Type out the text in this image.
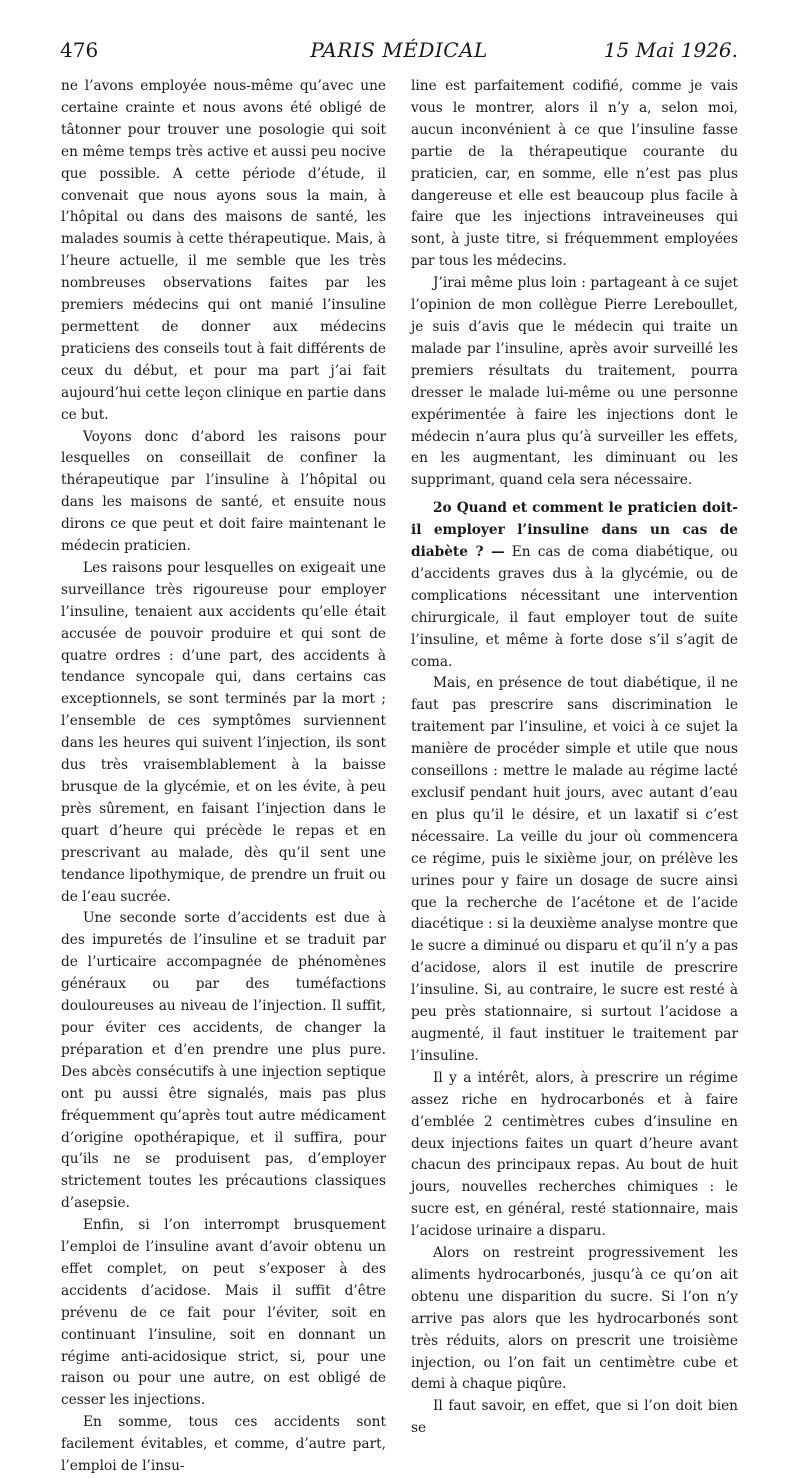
476	PARIS MÉDICAL	15 Mai 1926.

ne l’avons employée nous-même qu’avec une certaine crainte et nous avons été obligé de tâtonner pour trouver une posologie qui soit en même temps très active et aussi peu nocive que possible. A cette période d’étude, il convenait que nous ayons sous la main, à l’hôpital ou dans des maisons de santé, les malades soumis à cette thérapeutique. Mais, à l’heure actuelle, il me semble que les très nombreuses observations faites par les premiers médecins qui ont manié l’insuline permettent de donner aux médecins praticiens des conseils tout à fait différents de ceux du début, et pour ma part j’ai fait aujourd’hui cette leçon clinique en partie dans ce but.

Voyons donc d’abord les raisons pour lesquelles on conseillait de confiner la thérapeutique par l’insuline à l’hôpital ou dans les maisons de santé, et ensuite nous dirons ce que peut et doit faire maintenant le médecin praticien.

Les raisons pour lesquelles on exigeait une surveillance très rigoureuse pour employer l’insuline, tenaient aux accidents qu’elle était accusée de pouvoir produire et qui sont de quatre ordres : d’une part, des accidents à tendance syncopale qui, dans certains cas exceptionnels, se sont terminés par la mort ; l’ensemble de ces symptômes surviennent dans les heures qui suivent l’injection, ils sont dus très vraisemblablement à la baisse brusque de la glycémie, et on les évite, à peu près sûrement, en faisant l’injection dans le quart d’heure qui précède le repas et en prescrivant au malade, dès qu’il sent une tendance lipothymique, de prendre un fruit ou de l’eau sucrée.

Une seconde sorte d’accidents est due à des impuretés de l’insuline et se traduit par de l’urticaire accompagnée de phénomènes généraux ou par des tuméfactions douloureuses au niveau de l’injection. Il suffit, pour éviter ces accidents, de changer la préparation et d’en prendre une plus pure. Des abcès consécutifs à une injection septique ont pu aussi être signalés, mais pas plus fréquemment qu’après tout autre médicament d’origine opothérapique, et il suffira, pour qu’ils ne se produisent pas, d’employer strictement toutes les précautions classiques d’asepsie.

Enfin, si l’on interrompt brusquement l’emploi de l’insuline avant d’avoir obtenu un effet complet, on peut s’exposer à des accidents d’acidose. Mais il suffit d’être prévenu de ce fait pour l’éviter, soit en continuant l’insuline, soit en donnant un régime anti-acidosique strict, si, pour une raison ou pour une autre, on est obligé de cesser les injections.

En somme, tous ces accidents sont facilement évitables, et comme, d’autre part, l’emploi de l’insu-

line est parfaitement codifié, comme je vais vous le montrer, alors il n’y a, selon moi, aucun inconvénient à ce que l’insuline fasse partie de la thérapeutique courante du praticien, car, en somme, elle n’est pas plus dangereuse et elle est beaucoup plus facile à faire que les injections intraveineuses qui sont, à juste titre, si fréquemment employées par tous les médecins.

J’irai même plus loin : partageant à ce sujet l’opinion de mon collègue Pierre Lereboullet, je suis d’avis que le médecin qui traite un malade par l’insuline, après avoir surveillé les premiers résultats du traitement, pourra dresser le malade lui-même ou une personne expérimentée à faire les injections dont le médecin n’aura plus qu’à surveiller les effets, en les augmentant, les diminuant ou les supprimant, quand cela sera nécessaire.

2o Quand et comment le praticien doit-il employer l’insuline dans un cas de diabète ? — En cas de coma diabétique, ou d’accidents graves dus à la glycémie, ou de complications nécessitant une intervention chirurgicale, il faut employer tout de suite l’insuline, et même à forte dose s’il s’agit de coma.

Mais, en présence de tout diabétique, il ne faut pas prescrire sans discrimination le traitement par l’insuline, et voici à ce sujet la manière de procéder simple et utile que nous conseillons : mettre le malade au régime lacté exclusif pendant huit jours, avec autant d’eau en plus qu’il le désire, et un laxatif si c’est nécessaire. La veille du jour où commencera ce régime, puis le sixième jour, on prélève les urines pour y faire un dosage de sucre ainsi que la recherche de l’acétone et de l’acide diacétique : si la deuxième analyse montre que le sucre a diminué ou disparu et qu’il n’y a pas d’acidose, alors il est inutile de prescrire l’insuline. Si, au contraire, le sucre est resté à peu près stationnaire, si surtout l’acidose a augmenté, il faut instituer le traitement par l’insuline.

Il y a intérêt, alors, à prescrire un régime assez riche en hydrocarbonés et à faire d’emblée 2 centimètres cubes d’insuline en deux injections faites un quart d’heure avant chacun des principaux repas. Au bout de huit jours, nouvelles recherches chimiques : le sucre est, en général, resté stationnaire, mais l’acidose urinaire a disparu.

Alors on restreint progressivement les aliments hydrocarbonés, jusqu’à ce qu’on ait obtenu une disparition du sucre. Si l’on n’y arrive pas alors que les hydrocarbonés sont très réduits, alors on prescrit une troisième injection, ou l’on fait un centimètre cube et demi à chaque piqûre.

Il faut savoir, en effet, que si l’on doit bien se
